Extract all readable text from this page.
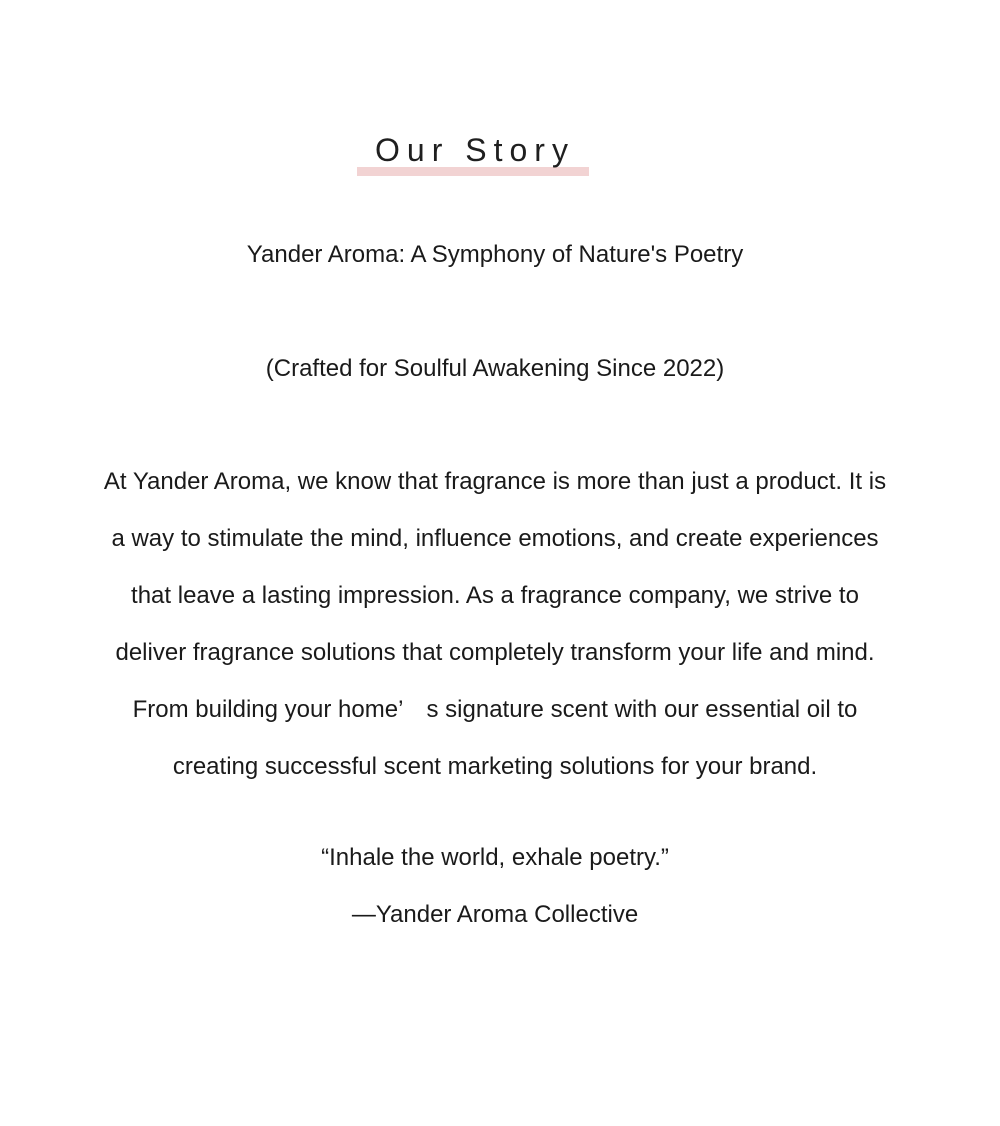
Our Story
Yander Aroma: A Symphony of Nature's Poetry
(Crafted for Soulful Awakening Since 2022)
At Yander Aroma, we know that fragrance is more than just a product. It is
a way to stimulate the mind, influence emotions, and create experiences
that leave a lasting impression. As a fragrance company, we strive to
deliver fragrance solutions that completely transform your life and mind.
From building your home’　s signature scent with our essential oil to
creating successful scent marketing solutions for your brand.
“Inhale the world, exhale poetry.”
—Yander Aroma Collective
